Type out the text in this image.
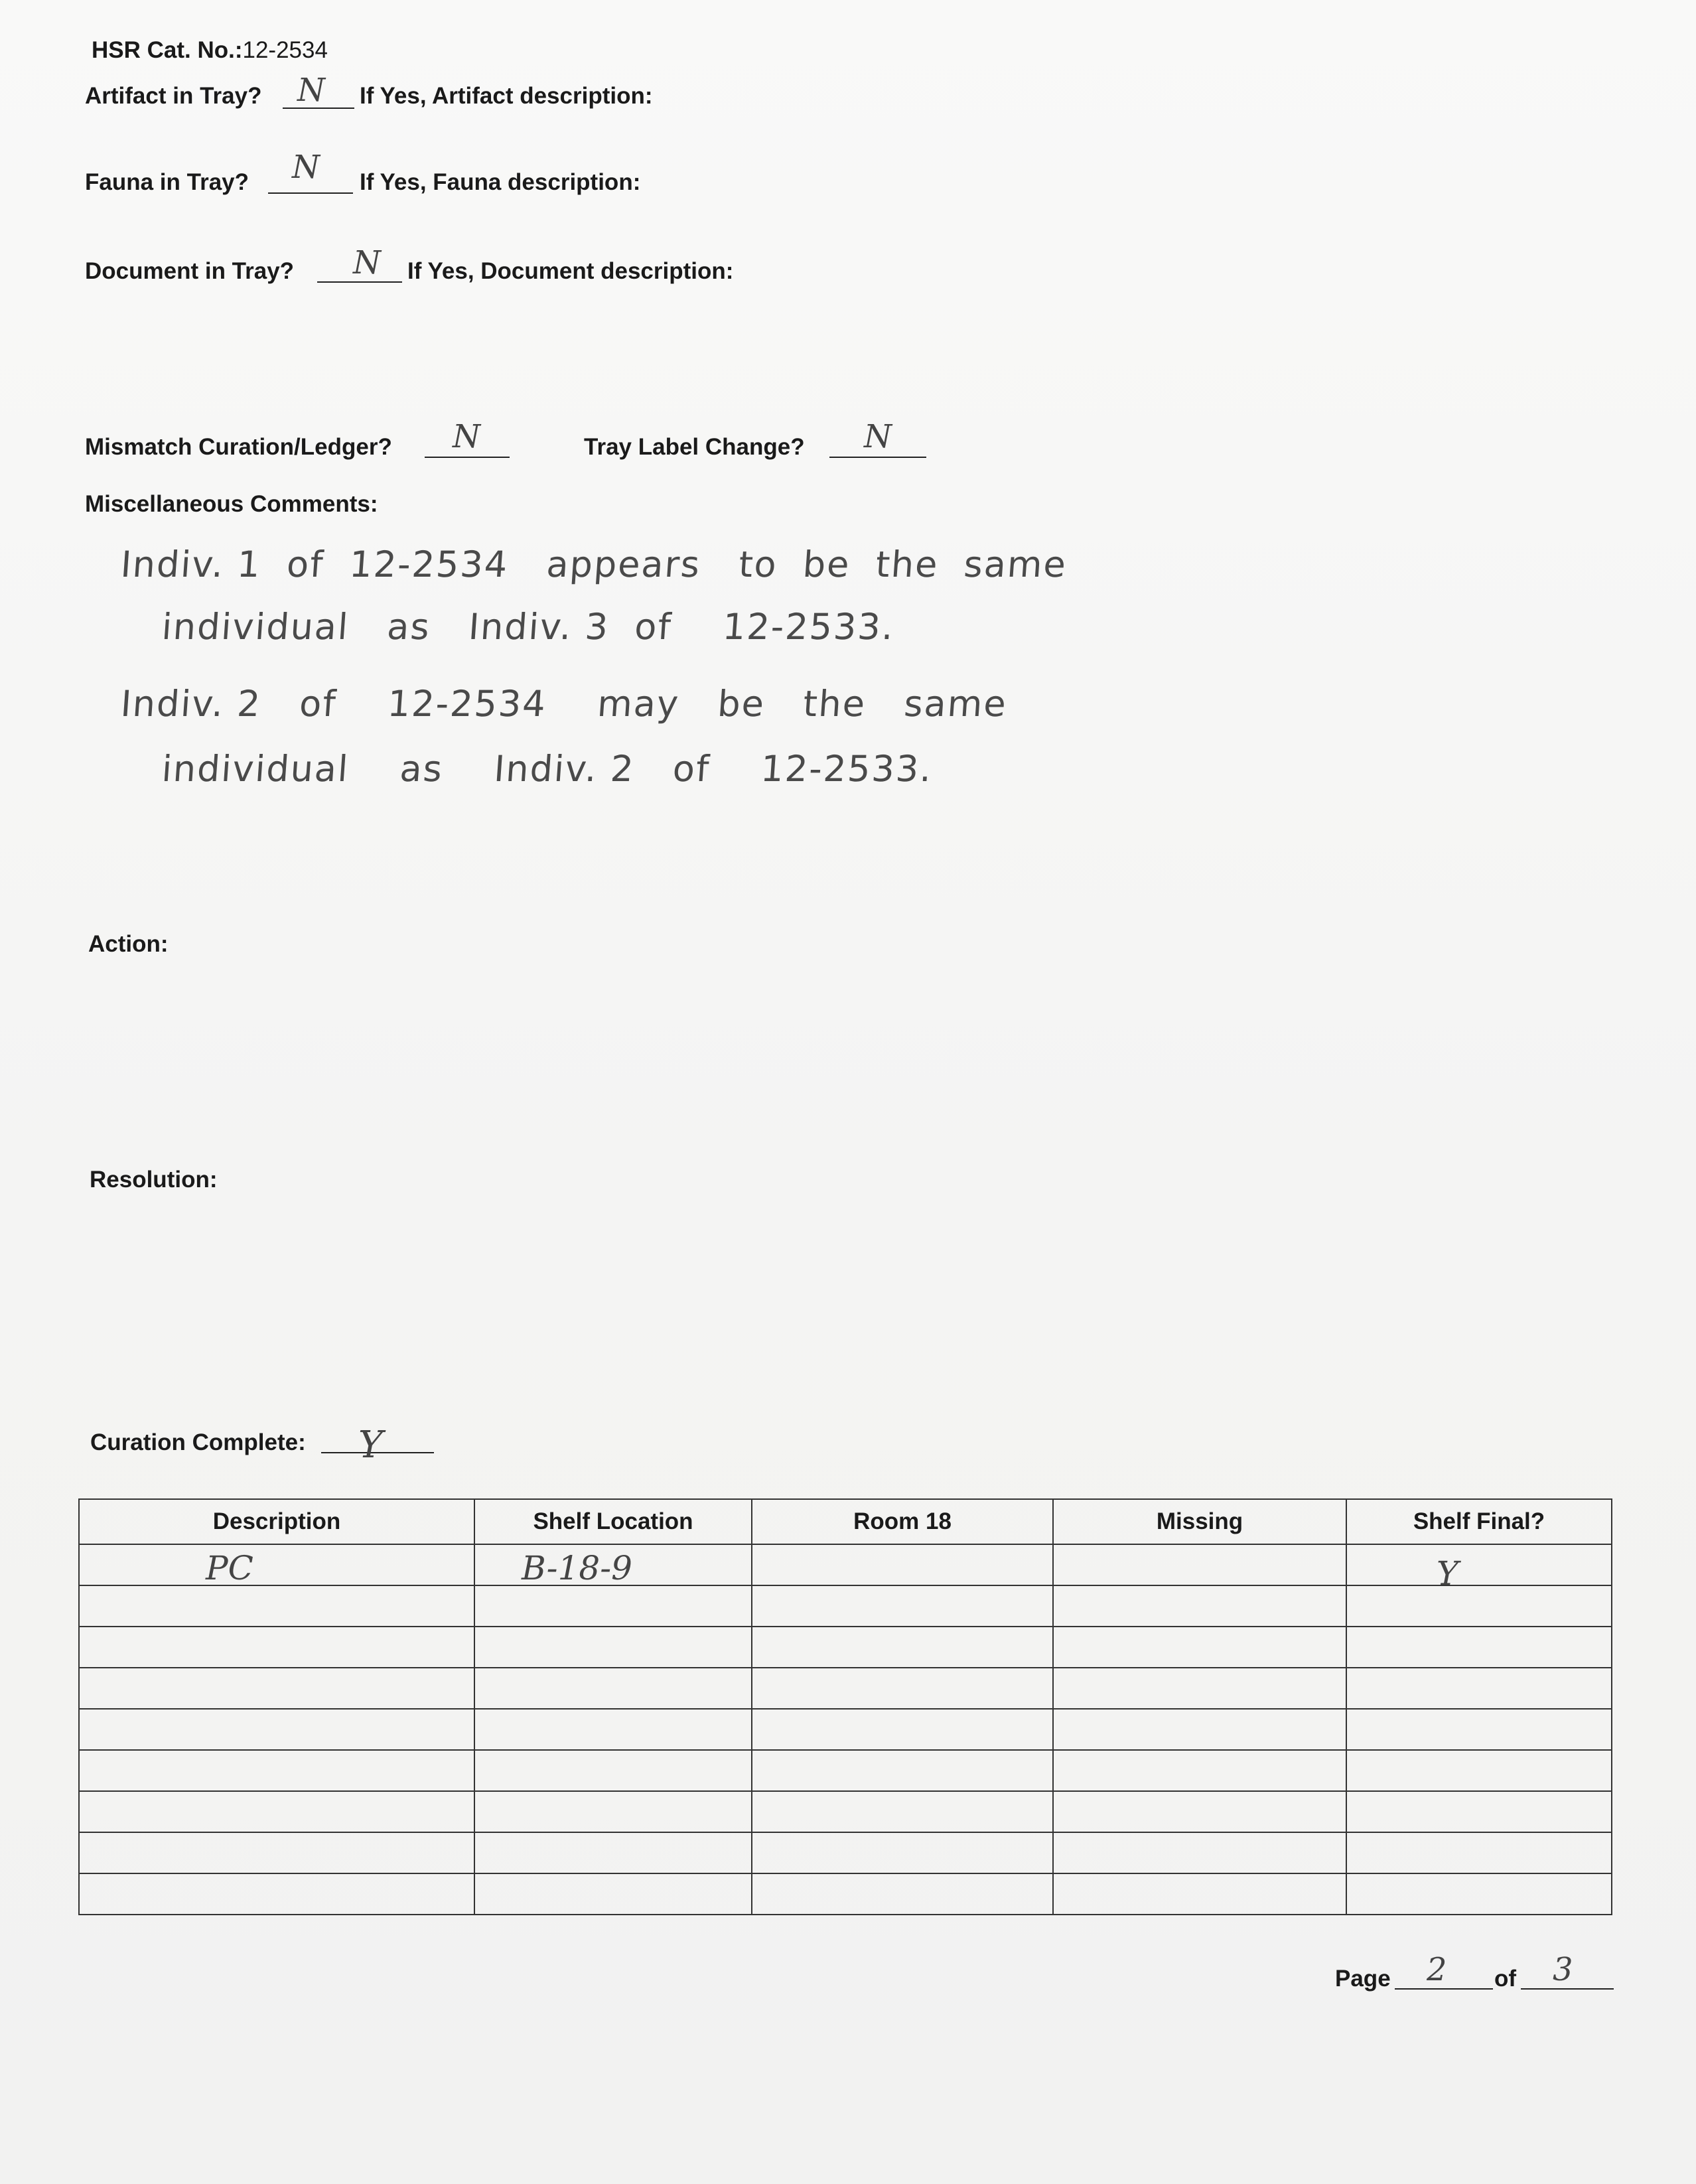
HSR Cat. No.:12-2534
Artifact in Tray? N If Yes, Artifact description:
Fauna in Tray? N If Yes, Fauna description:
Document in Tray? N If Yes, Document description:
Mismatch Curation/Ledger? N	Tray Label Change? N
Miscellaneous Comments:
Indiv. 1  of  12-2534   appears   to  be  the  same
individual   as   Indiv. 3  of    12-2533.
Indiv. 2   of    12-2534    may   be   the   same
individual    as    Indiv. 2   of    12-2533.
Action:
Resolution:
Curation Complete: Y
Description	Shelf Location	Room 18	Missing	Shelf Final?

PC	B-18-9			Y

Page 2 of 3
